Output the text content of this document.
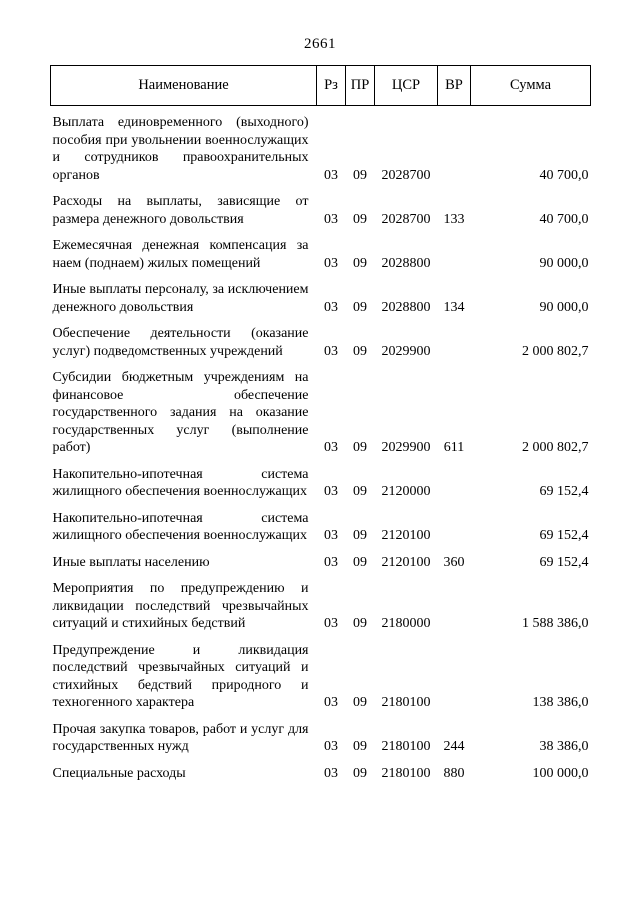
2661
Наименование	Рз	ПР	ЦСР	ВР	Сумма
Выплата единовременного (выходного) пособия при увольнении военнослужащих и сотрудников правоохранительных органов	03	09	2028700		40 700,0
Расходы на выплаты, зависящие от размера денежного довольствия	03	09	2028700	133	40 700,0
Ежемесячная денежная компенсация за наем (поднаем) жилых помещений	03	09	2028800		90 000,0
Иные выплаты персоналу, за исключением денежного довольствия	03	09	2028800	134	90 000,0
Обеспечение деятельности (оказание услуг) подведомственных учреждений	03	09	2029900		2 000 802,7
Субсидии бюджетным учреждениям на финансовое обеспечение государственного задания на оказание государственных услуг (выполнение работ)	03	09	2029900	611	2 000 802,7
Накопительно-ипотечная система жилищного обеспечения военнослужащих	03	09	2120000		69 152,4
Накопительно-ипотечная система жилищного обеспечения военнослужащих	03	09	2120100		69 152,4
Иные выплаты населению	03	09	2120100	360	69 152,4
Мероприятия по предупреждению и ликвидации последствий чрезвычайных ситуаций и стихийных бедствий	03	09	2180000		1 588 386,0
Предупреждение и ликвидация последствий чрезвычайных ситуаций и стихийных бедствий природного и техногенного характера	03	09	2180100		138 386,0
Прочая закупка товаров, работ и услуг для государственных нужд	03	09	2180100	244	38 386,0
Специальные расходы	03	09	2180100	880	100 000,0
